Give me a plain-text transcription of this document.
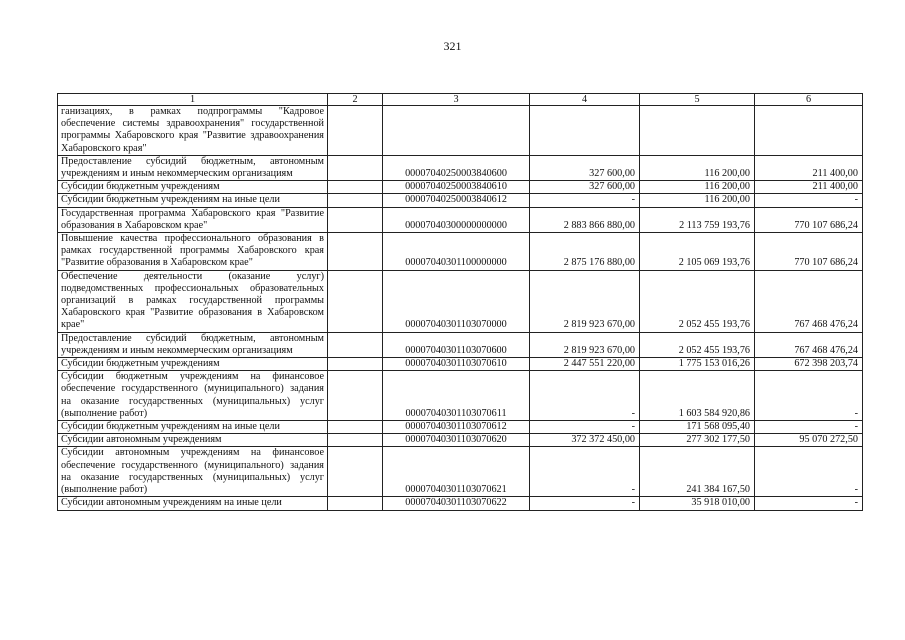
321
1	2	3	4	5	6
ганизациях, в рамках подпрограммы "Кадровое обеспечение системы здравоохранения" государственной программы Хабаровского края "Развитие здравоохранения Хабаровского края"					
Предоставление субсидий бюджетным, автономным учреждениям и иным некоммерческим организациям		00007040250003840600	327 600,00	116 200,00	211 400,00
Субсидии бюджетным учреждениям		00007040250003840610	327 600,00	116 200,00	211 400,00
Субсидии бюджетным учреждениям на иные цели		00007040250003840612	-	116 200,00	-
Государственная программа Хабаровского края "Развитие образования в Хабаровском крае"		00007040300000000000	2 883 866 880,00	2 113 759 193,76	770 107 686,24
Повышение качества профессионального образования в рамках государственной программы Хабаровского края "Развитие образования в Хабаровском крае"		00007040301100000000	2 875 176 880,00	2 105 069 193,76	770 107 686,24
Обеспечение деятельности (оказание услуг) подведомственных профессиональных образовательных организаций в рамках государственной программы Хабаровского края "Развитие образования в Хабаровском крае"		00007040301103070000	2 819 923 670,00	2 052 455 193,76	767 468 476,24
Предоставление субсидий бюджетным, автономным учреждениям и иным некоммерческим организациям		00007040301103070600	2 819 923 670,00	2 052 455 193,76	767 468 476,24
Субсидии бюджетным учреждениям		00007040301103070610	2 447 551 220,00	1 775 153 016,26	672 398 203,74
Субсидии бюджетным учреждениям на финансовое обеспечение государственного (муниципального) задания на оказание государственных (муниципальных) услуг (выполнение работ)		00007040301103070611	-	1 603 584 920,86	-
Субсидии бюджетным учреждениям на иные цели		00007040301103070612	-	171 568 095,40	-
Субсидии автономным учреждениям		00007040301103070620	372 372 450,00	277 302 177,50	95 070 272,50
Субсидии автономным учреждениям на финансовое обеспечение государственного (муниципального) задания на оказание государственных (муниципальных) услуг (выполнение работ)		00007040301103070621	-	241 384 167,50	-
Субсидии автономным учреждениям на иные цели		00007040301103070622	-	35 918 010,00	-
